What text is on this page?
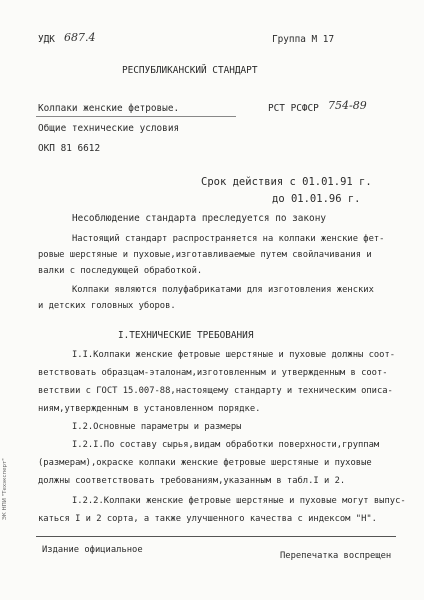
УДК 687.4	Группа М 17
РЕСПУБЛИКАНСКИЙ СТАНДАРТ
Колпаки женские фетровые.
Общие технические условия
ОКП 81 6612
РСТ РСФСР 754-89
Срок действия с 01.01.91 г.
до 01.01.96 г.
Несоблюдение стандарта преследуется по закону
Настоящий стандарт распространяется на колпаки женские фет-
ровые шерстяные и пуховые,изготавливаемые путем свойлачивания и
валки с последующей обработкой.
Колпаки являются полуфабрикатами для изготовления женских
и детских головных уборов.
I.ТЕХНИЧЕСКИЕ ТРЕБОВАНИЯ
I.I.Колпаки женские фетровые шерстяные и пуховые должны соот-
ветствовать образцам-эталонам,изготовленным и утвержденным в соот-
ветствии с ГОСТ 15.007-88,настоящему стандарту и техническим описа-
ниям,утвержденным в установленном порядке.
I.2.Основные параметры и размеры
I.2.I.По составу сырья,видам обработки поверхности,группам
(размерам),окраске колпаки женские фетровые шерстяные и пуховые
должны соответствовать требованиям,указанным в табл.I и 2.
I.2.2.Колпаки женские фетровые шерстяные и пуховые могут выпус-
каться I и 2 сорта, а также улучшенного качества с индексом "Н".
Издание официальное
Перепечатка воспрещен
ЭК НПИ "Техэксперт"
